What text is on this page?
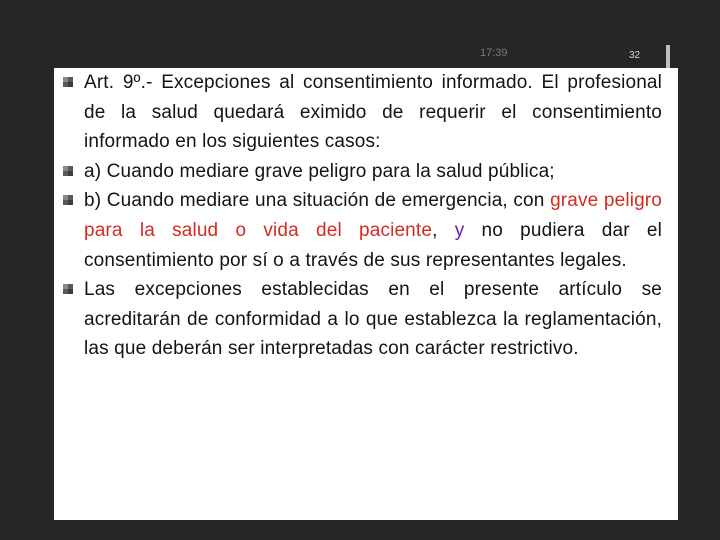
17:39	32
Art. 9º.- Excepciones al consentimiento informado. El profesional de la salud quedará eximido de requerir el consentimiento informado en los siguientes casos:
a) Cuando mediare grave peligro para la salud pública;
b) Cuando mediare una situación de emergencia, con grave peligro para la salud o vida del paciente, y no pudiera dar el consentimiento por sí o a través de sus representantes legales.
Las excepciones establecidas en el presente artículo se acreditarán de conformidad a lo que establezca la reglamentación, las que deberán ser interpretadas con carácter restrictivo.
